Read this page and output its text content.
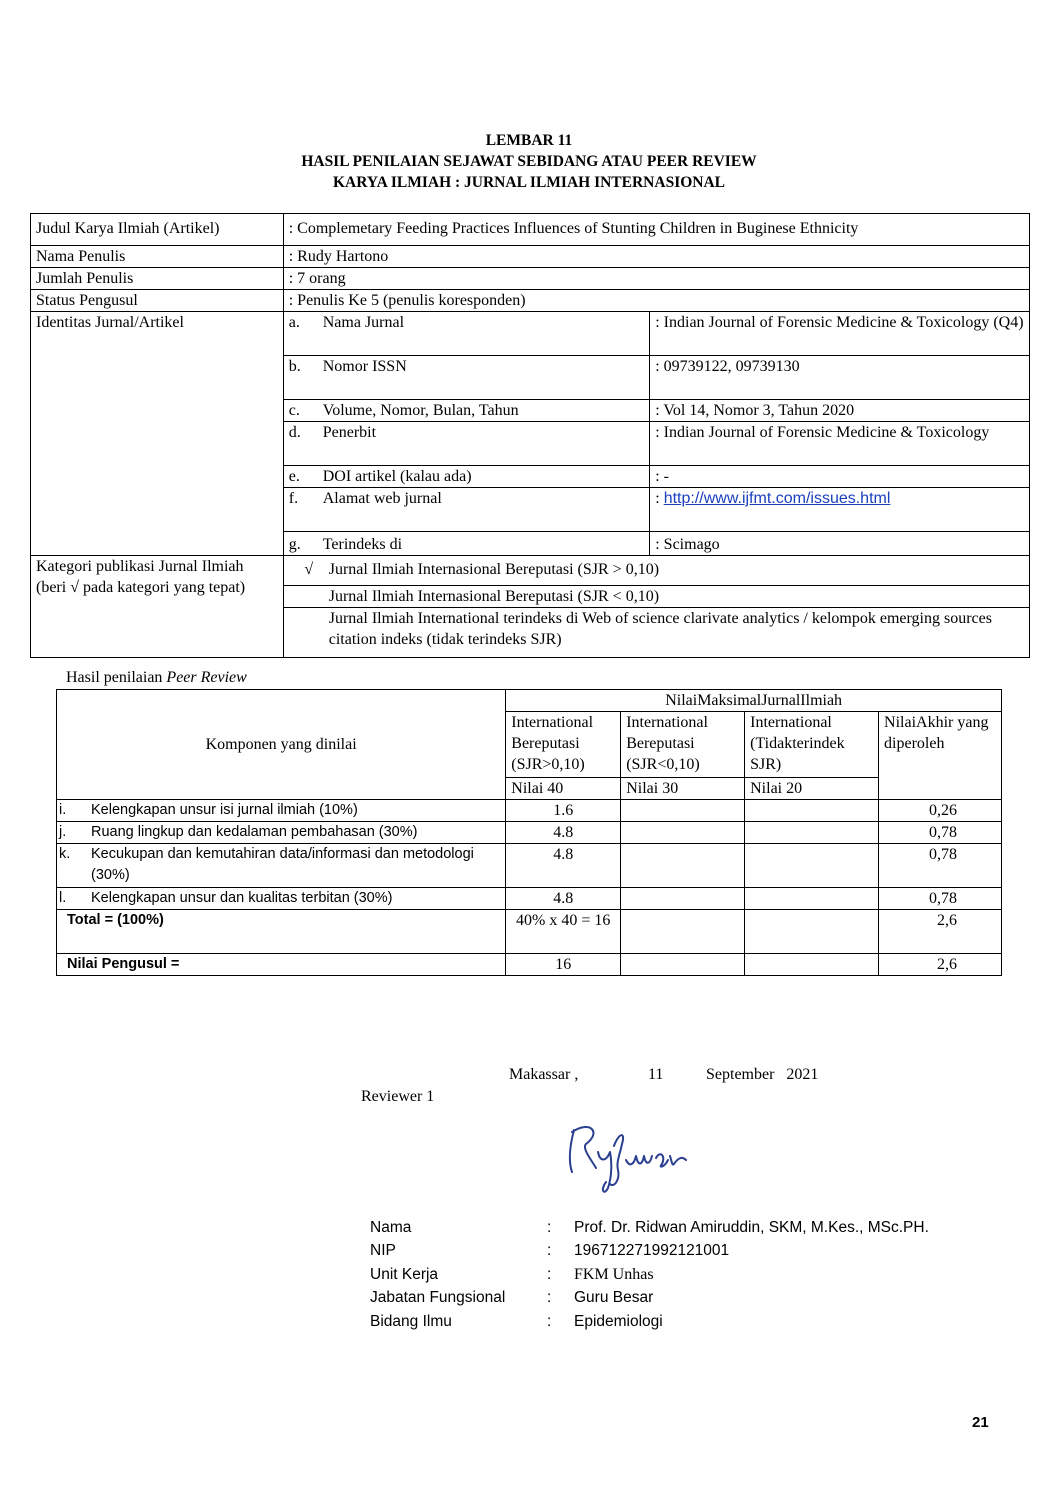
LEMBAR 11
HASIL PENILAIAN SEJAWAT SEBIDANG ATAU PEER REVIEW
KARYA ILMIAH : JURNAL ILMIAH INTERNASIONAL
Judul Karya Ilmiah (Artikel)	: Complemetary Feeding Practices Influences of Stunting Children in Buginese Ethnicity	
Nama Penulis	: Rudy Hartono	
Jumlah Penulis	: 7 orang	
Status Pengusul	: Penulis Ke 5 (penulis koresponden)	
Identitas Jurnal/Artikel	a. Nama Jurnal	: Indian Journal of Forensic Medicine & Toxicology (Q4)
	b. Nomor ISSN	: 09739122, 09739130
	c. Volume, Nomor, Bulan, Tahun	: Vol 14, Nomor 3, Tahun 2020
	d. Penerbit	: Indian Journal of Forensic Medicine & Toxicology
	e. DOI artikel (kalau ada)	: -
	f. Alamat web jurnal	: http://www.ijfmt.com/issues.html
	g. Terindeks di	: Scimago

Kategori publikasi Jurnal Ilmiah
(beri √ pada kategori yang tepat)	√ Jurnal Ilmiah Internasional Bereputasi (SJR > 0,10)	
	Jurnal Ilmiah Internasional Bereputasi (SJR < 0,10)	
	Jurnal Ilmiah International terindeks di Web of science clarivate analytics / kelompok emerging sources citation indeks (tidak terindeks SJR)	
Hasil penilaian Peer Review
Komponen yang dinilai	NilaiMaksimalJurnalIlmiah			
	International Bereputasi (SJR>0,10)	International Bereputasi (SJR<0,10)	International (Tidakterindek SJR)	NilaiAkhir yang diperoleh
	Nilai 40	Nilai 30	Nilai 20	
i. Kelengkapan unsur isi jurnal ilmiah (10%)	1.6			0,26
j. Ruang lingkup dan kedalaman pembahasan (30%)	4.8			0,78

k. Kecukupan dan kemutahiran data/informasi dan metodologi (30%)	4.8			0,78
l. Kelengkapan unsur dan kualitas terbitan (30%)	4.8			0,78
Total = (100%)	40% x 40 = 16			2,6
Nilai Pengusul =	16			2,6
Makassar ,	11	September   2021
Reviewer 1
Nama	:	Prof. Dr. Ridwan Amiruddin, SKM, M.Kes., MSc.PH.
NIP	:	196712271992121001
Unit Kerja	:	FKM Unhas
Jabatan Fungsional	:	Guru Besar
Bidang Ilmu	:	Epidemiologi
21
